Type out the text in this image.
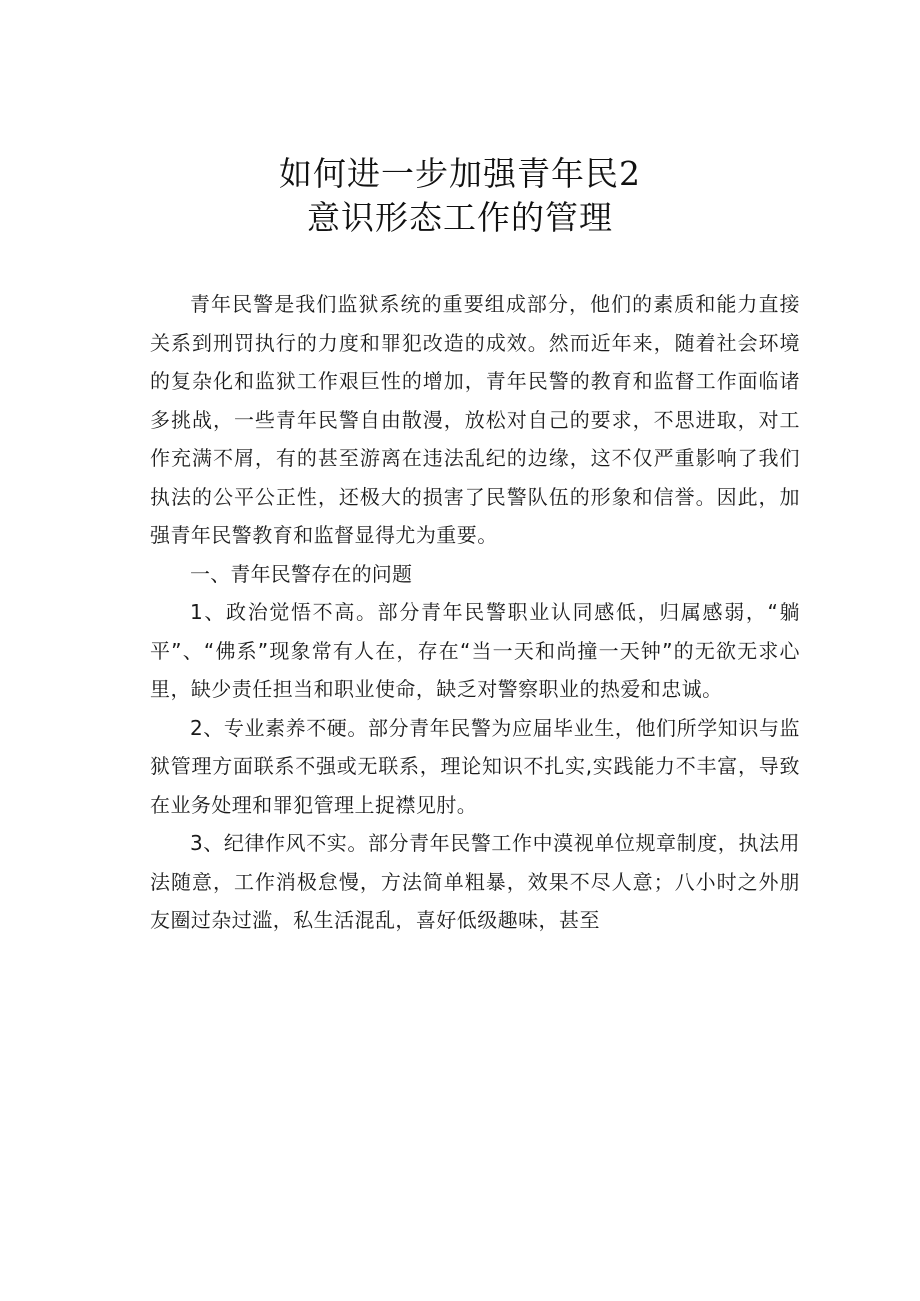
如何进一步加强青年民2
意识形态工作的管理

青年民警是我们监狱系统的重要组成部分，他们的素质和能力直接关系到刑罚执行的力度和罪犯改造的成效。然而近年来，随着社会环境的复杂化和监狱工作艰巨性的增加，青年民警的教育和监督工作面临诸多挑战，一些青年民警自由散漫，放松对自己的要求，不思进取，对工作充满不屑，有的甚至游离在违法乱纪的边缘，这不仅严重影响了我们执法的公平公正性，还极大的损害了民警队伍的形象和信誉。因此，加强青年民警教育和监督显得尤为重要。

一、青年民警存在的问题

1、政治觉悟不高。部分青年民警职业认同感低，归属感弱，“躺平”、“佛系”现象常有人在，存在“当一天和尚撞一天钟”的无欲无求心里，缺少责任担当和职业使命，缺乏对警察职业的热爱和忠诚。

2、专业素养不硬。部分青年民警为应届毕业生，他们所学知识与监狱管理方面联系不强或无联系，理论知识不扎实,实践能力不丰富，导致在业务处理和罪犯管理上捉襟见肘。

3、纪律作风不实。部分青年民警工作中漠视单位规章制度，执法用法随意，工作消极怠慢，方法简单粗暴，效果不尽人意；八小时之外朋友圈过杂过滥，私生活混乱，喜好低级趣味，甚至
